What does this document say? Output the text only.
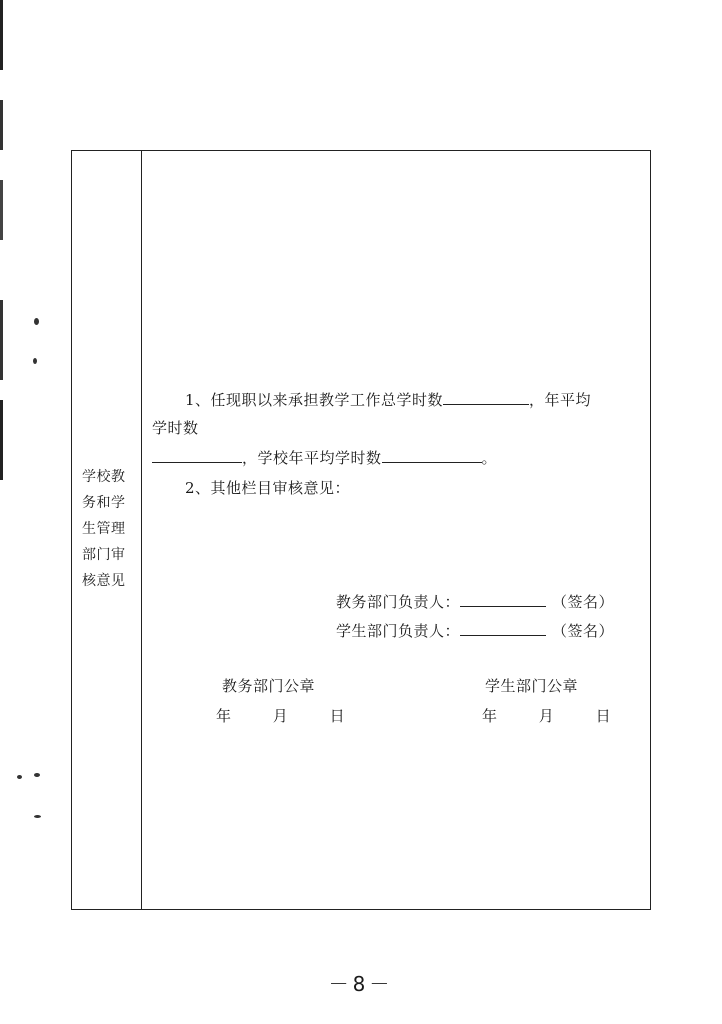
学校教
务和学
生管理
部门审
核意见
1、任现职以来承担教学工作总学时数	，年平均
学时数
，学校年平均学时数	。
2、其他栏目审核意见：
教务部门负责人：	（签名）
学生部门负责人：	（签名）
教务部门公章
年	月	日
学生部门公章
年	月	日
－8－
